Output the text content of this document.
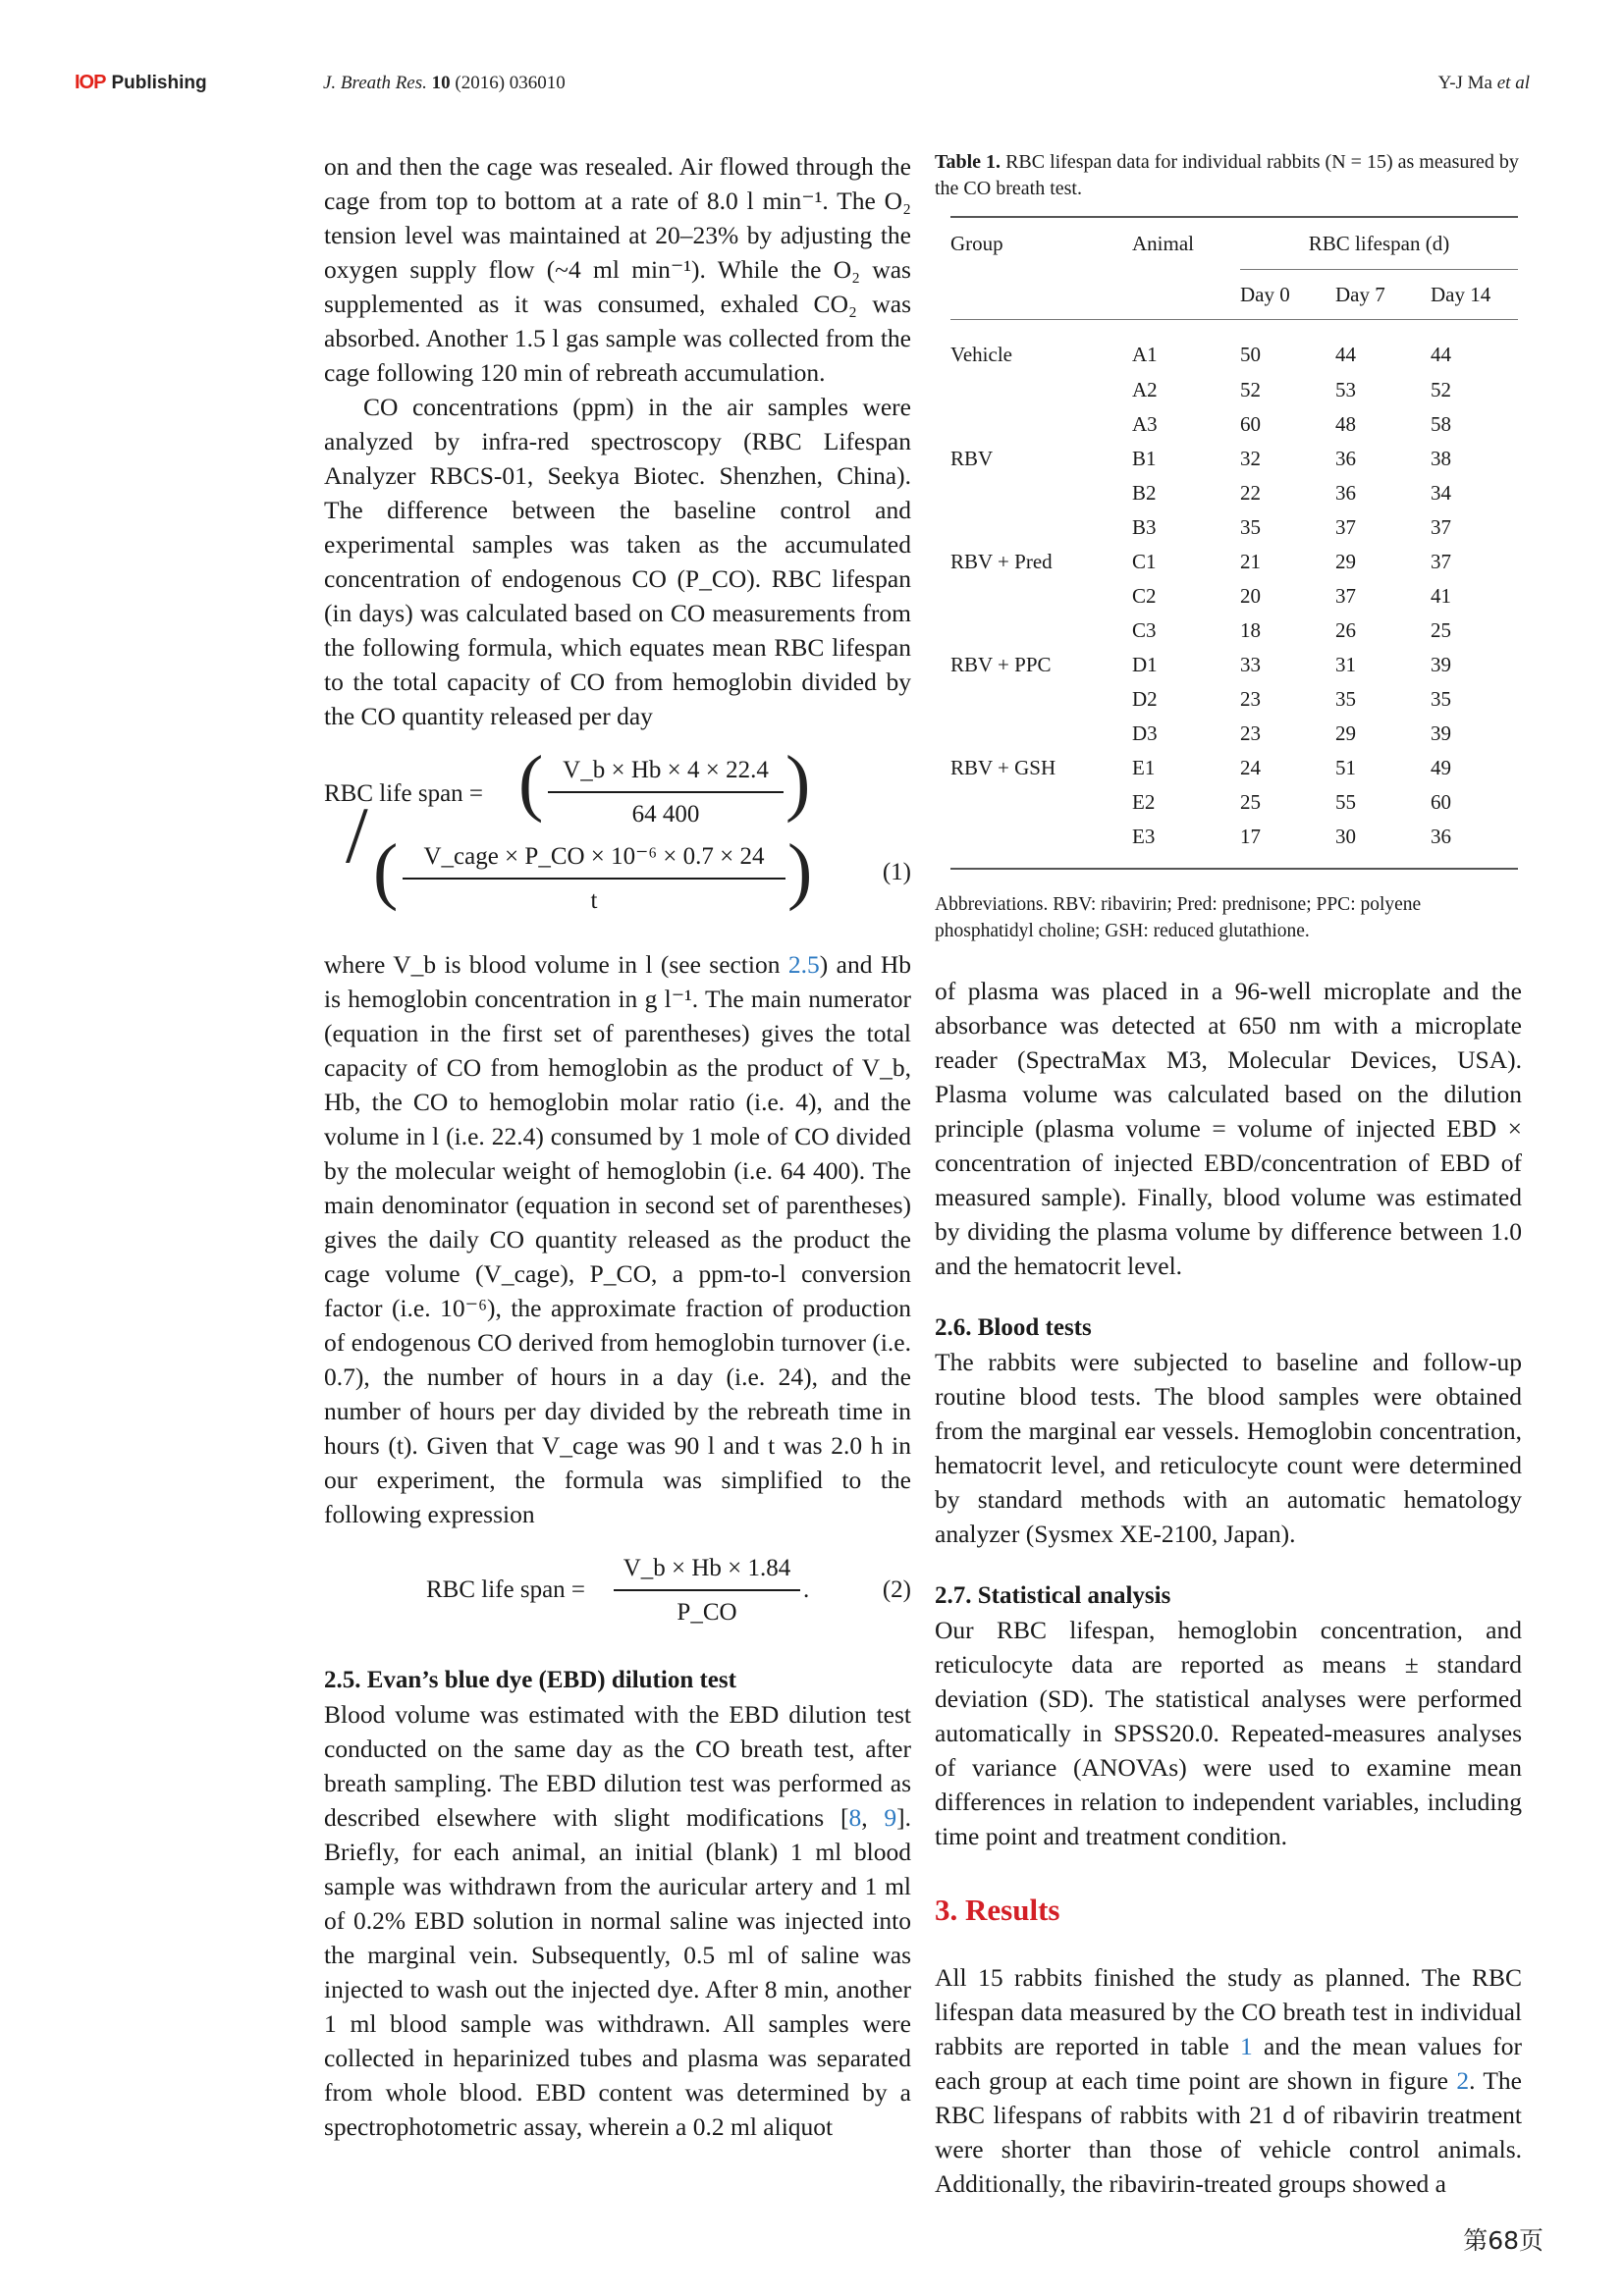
IOP Publishing	J. Breath Res. 10 (2016) 036010	Y-J Ma et al

on and then the cage was resealed. Air flowed through the cage from top to bottom at a rate of 8.0 l min⁻¹. The O₂ tension level was maintained at 20–23% by adjusting the oxygen supply flow (~4 ml min⁻¹). While the O₂ was supplemented as it was consumed, exhaled CO₂ was absorbed. Another 1.5 l gas sample was collected from the cage following 120 min of rebreath accumulation.

CO concentrations (ppm) in the air samples were analyzed by infra-red spectroscopy (RBC Lifespan Analyzer RBCS-01, Seekya Biotec. Shenzhen, China). The difference between the baseline control and experimental samples was taken as the accumulated concentration of endogenous CO (P_CO). RBC lifespan (in days) was calculated based on CO measurements from the following formula, which equates mean RBC lifespan to the total capacity of CO from hemoglobin divided by the CO quantity released per day

RBC life span = ( V_b × Hb × 4 × 22.4
64 400	)
/ (	V_cage × P_CO × 10⁻⁶ × 0.7 × 24
t	)	(1)

where V_b is blood volume in l (see section 2.5) and Hb is hemoglobin concentration in g l⁻¹. The main numerator (equation in the first set of parentheses) gives the total capacity of CO from hemoglobin as the product of V_b, Hb, the CO to hemoglobin molar ratio (i.e. 4), and the volume in l (i.e. 22.4) consumed by 1 mole of CO divided by the molecular weight of hemoglobin (i.e. 64 400). The main denominator (equation in second set of parentheses) gives the daily CO quantity released as the product the cage volume (V_cage), P_CO, a ppm-to-l conversion factor (i.e. 10⁻⁶), the approximate fraction of production of endogenous CO derived from hemoglobin turnover (i.e. 0.7), the number of hours in a day (i.e. 24), and the number of hours per day divided by the rebreath time in hours (t). Given that V_cage was 90 l and t was 2.0 h in our experiment, the formula was simplified to the following expression

RBC life span =
V_b × Hb × 1.84
P_CO
.	(2)
2.5. Evan’s blue dye (EBD) dilution test

Blood volume was estimated with the EBD dilution test conducted on the same day as the CO breath test, after breath sampling. The EBD dilution test was performed as described elsewhere with slight modifications [8, 9]. Briefly, for each animal, an initial (blank) 1 ml blood sample was withdrawn from the auricular artery and 1 ml of 0.2% EBD solution in normal saline was injected into the marginal vein. Subsequently, 0.5 ml of saline was injected to wash out the injected dye. After 8 min, another 1 ml blood sample was withdrawn. All samples were collected in heparinized tubes and plasma was separated from whole blood. EBD content was determined by a spectrophotometric assay, wherein a 0.2 ml aliquot

Table 1. RBC lifespan data for individual rabbits (N = 15) as measured by the CO breath test.
Group	Animal	RBC lifespan (d)		
		Day 0	Day 7	Day 14
Vehicle	A1	50	44	44
	A2	52	53	52
	A3	60	48	58
RBV	B1	32	36	38
	B2	22	36	34
	B3	35	37	37
RBV + Pred	C1	21	29	37
	C2	20	37	41
	C3	18	26	25
RBV + PPC	D1	33	31	39
	D2	23	35	35
	D3	23	29	39
RBV + GSH	E1	24	51	49
	E2	25	55	60
	E3	17	30	36
Abbreviations. RBV: ribavirin; Pred: prednisone; PPC: polyene phosphatidyl choline; GSH: reduced glutathione.

of plasma was placed in a 96-well microplate and the absorbance was detected at 650 nm with a microplate reader (SpectraMax M3, Molecular Devices, USA). Plasma volume was calculated based on the dilution principle (plasma volume = volume of injected EBD × concentration of injected EBD/concentration of EBD of measured sample). Finally, blood volume was estimated by dividing the plasma volume by difference between 1.0 and the hematocrit level.

2.6. Blood tests

The rabbits were subjected to baseline and follow-up routine blood tests. The blood samples were obtained from the marginal ear vessels. Hemoglobin concentration, hematocrit level, and reticulocyte count were determined by standard methods with an automatic hematology analyzer (Sysmex XE-2100, Japan).

2.7. Statistical analysis

Our RBC lifespan, hemoglobin concentration, and reticulocyte data are reported as means ± standard deviation (SD). The statistical analyses were performed automatically in SPSS20.0. Repeated-measures analyses of variance (ANOVAs) were used to examine mean differences in relation to independent variables, including time point and treatment condition.

3. Results

All 15 rabbits finished the study as planned. The RBC lifespan data measured by the CO breath test in individual rabbits are reported in table 1 and the mean values for each group at each time point are shown in figure 2. The RBC lifespans of rabbits with 21 d of ribavirin treatment were shorter than those of vehicle control animals. Additionally, the ribavirin-treated groups showed a

第68页
